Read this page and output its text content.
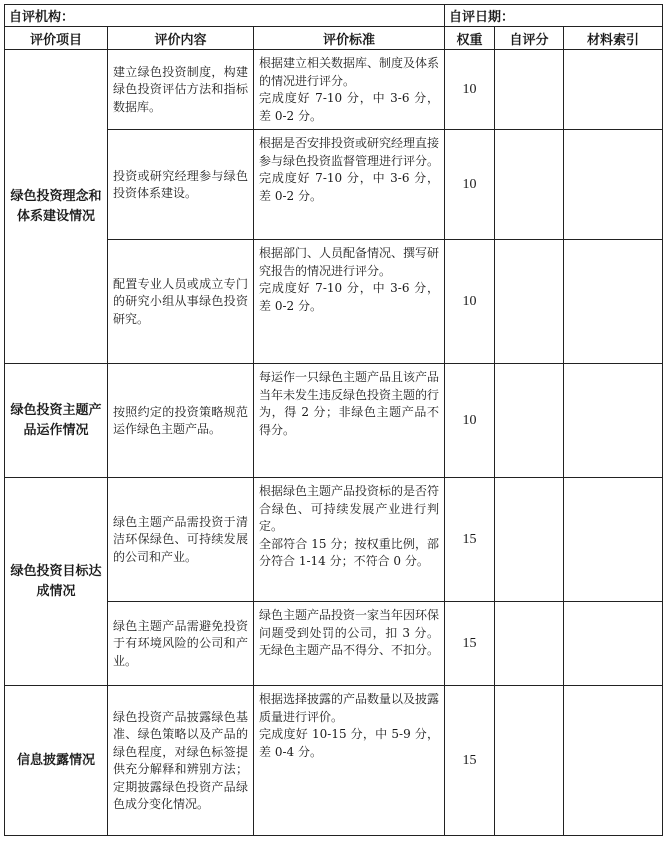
自评机构：			自评日期：		
评价项目	评价内容	评价标准	权重	自评分	材料索引
绿色投资理念和体系建设情况	建立绿色投资制度，构建绿色投资评估方法和指标数据库。	根据建立相关数据库、制度及体系的情况进行评分。
完成度好 7-10 分，中 3-6 分，差 0-2 分。	10		
	投资或研究经理参与绿色投资体系建设。	根据是否安排投资或研究经理直接参与绿色投资监督管理进行评分。
完成度好 7-10 分，中 3-6 分，差 0-2 分。	10		
	配置专业人员或成立专门的研究小组从事绿色投资研究。	根据部门、人员配备情况、撰写研究报告的情况进行评分。
完成度好 7-10 分，中 3-6 分，差 0-2 分。	10		
绿色投资主题产品运作情况	按照约定的投资策略规范运作绿色主题产品。	每运作一只绿色主题产品且该产品当年未发生违反绿色投资主题的行为，得 2 分；非绿色主题产品不得分。	10		
绿色投资目标达成情况	绿色主题产品需投资于清洁环保绿色、可持续发展的公司和产业。	根据绿色主题产品投资标的是否符合绿色、可持续发展产业进行判定。
全部符合 15 分；按权重比例，部分符合 1-14 分；不符合 0 分。	15		
	绿色主题产品需避免投资于有环境风险的公司和产业。	绿色主题产品投资一家当年因环保问题受到处罚的公司，扣 3 分。无绿色主题产品不得分、不扣分。	15		
信息披露情况	绿色投资产品披露绿色基准、绿色策略以及产品的绿色程度，对绿色标签提供充分解释和辨别方法；定期披露绿色投资产品绿色成分变化情况。	根据选择披露的产品数量以及披露质量进行评价。
完成度好 10-15 分，中 5-9 分，差 0-4 分。	15		
